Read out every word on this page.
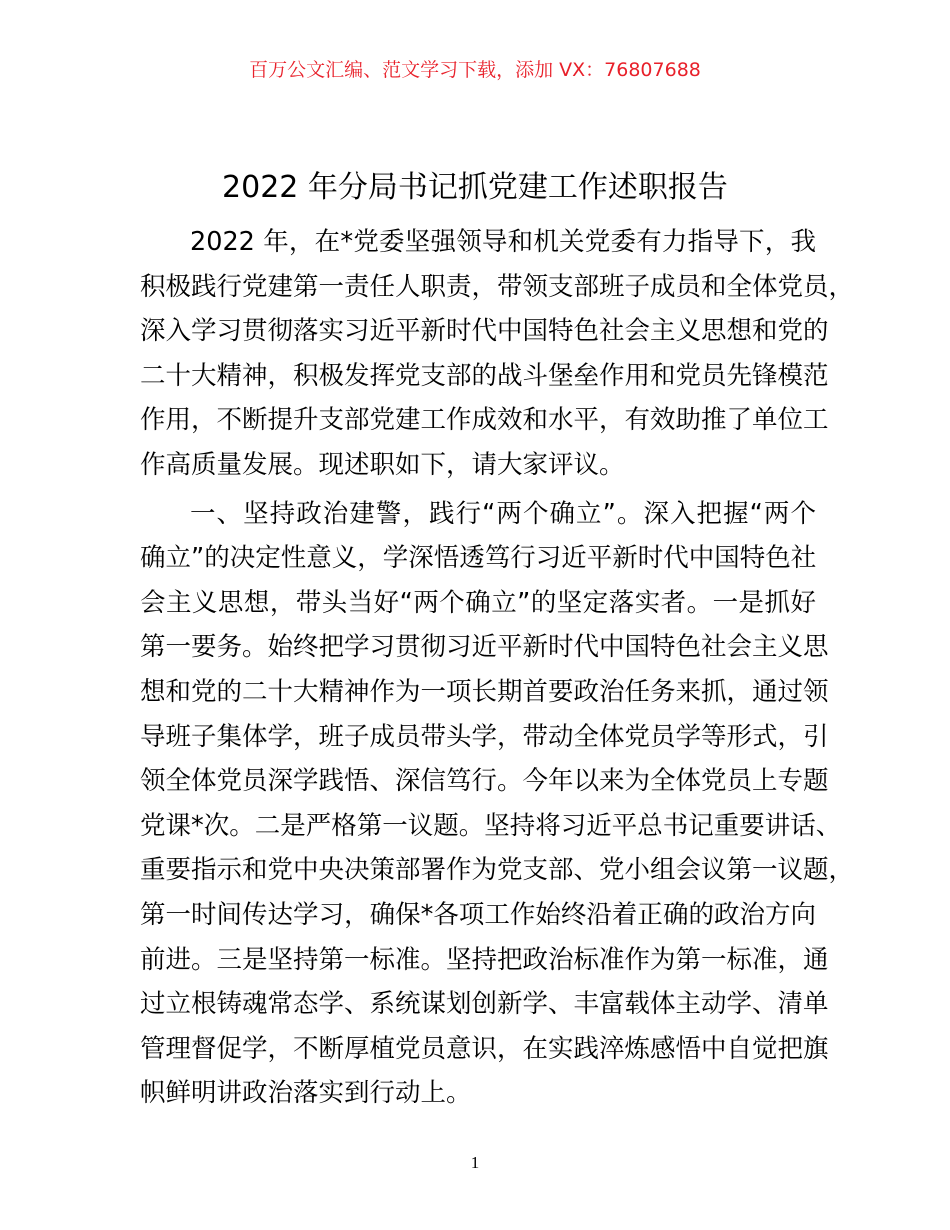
百万公文汇编、范文学习下载，添加 VX：76807688
2022 年分局书记抓党建工作述职报告
2022 年，在*党委坚强领导和机关党委有力指导下，我
积极践行党建第一责任人职责，带领支部班子成员和全体党员，
深入学习贯彻落实习近平新时代中国特色社会主义思想和党的
二十大精神，积极发挥党支部的战斗堡垒作用和党员先锋模范
作用，不断提升支部党建工作成效和水平，有效助推了单位工
作高质量发展。现述职如下，请大家评议。
一、坚持政治建警，践行“两个确立”。深入把握“两个
确立”的决定性意义，学深悟透笃行习近平新时代中国特色社
会主义思想，带头当好“两个确立”的坚定落实者。一是抓好
第一要务。始终把学习贯彻习近平新时代中国特色社会主义思
想和党的二十大精神作为一项长期首要政治任务来抓，通过领
导班子集体学，班子成员带头学，带动全体党员学等形式，引
领全体党员深学践悟、深信笃行。今年以来为全体党员上专题
党课*次。二是严格第一议题。坚持将习近平总书记重要讲话、
重要指示和党中央决策部署作为党支部、党小组会议第一议题，
第一时间传达学习，确保*各项工作始终沿着正确的政治方向
前进。三是坚持第一标准。坚持把政治标准作为第一标准，通
过立根铸魂常态学、系统谋划创新学、丰富载体主动学、清单
管理督促学，不断厚植党员意识，在实践淬炼感悟中自觉把旗
帜鲜明讲政治落实到行动上。
1
